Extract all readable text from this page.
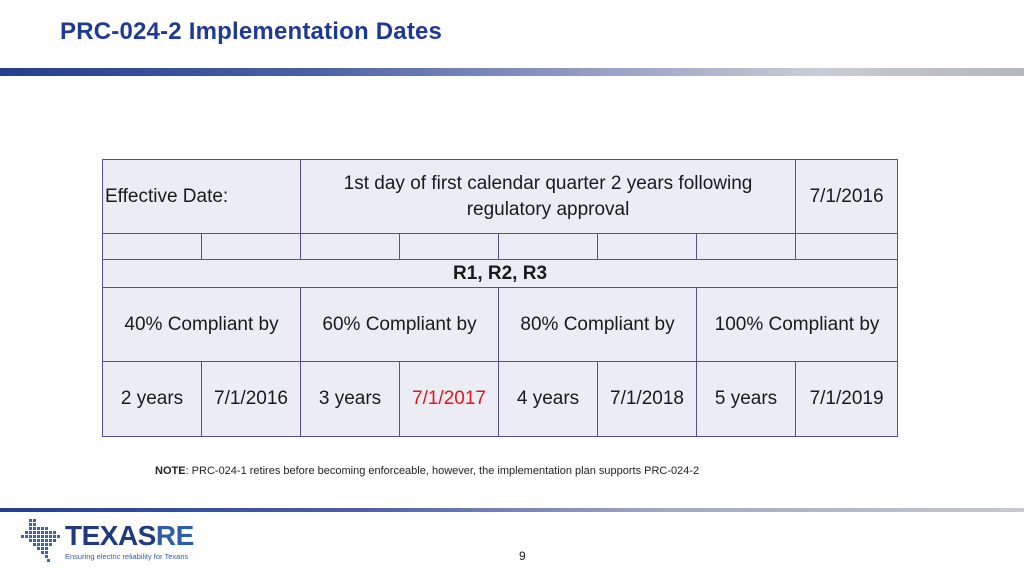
PRC-024-2 Implementation Dates
Effective Date:		1st day of first calendar quarter 2 years following regulatory approval					7/1/2016

R1, R2, R3							
40% Compliant by		60% Compliant by		80% Compliant by		100% Compliant by	
2 years	7/1/2016	3 years	7/1/2017	4 years	7/1/2018	5 years	7/1/2019
NOTE: PRC-024-1 retires before becoming enforceable, however, the implementation plan supports PRC-024-2
TEXASRE
Ensuring electric reliability for Texans	9
